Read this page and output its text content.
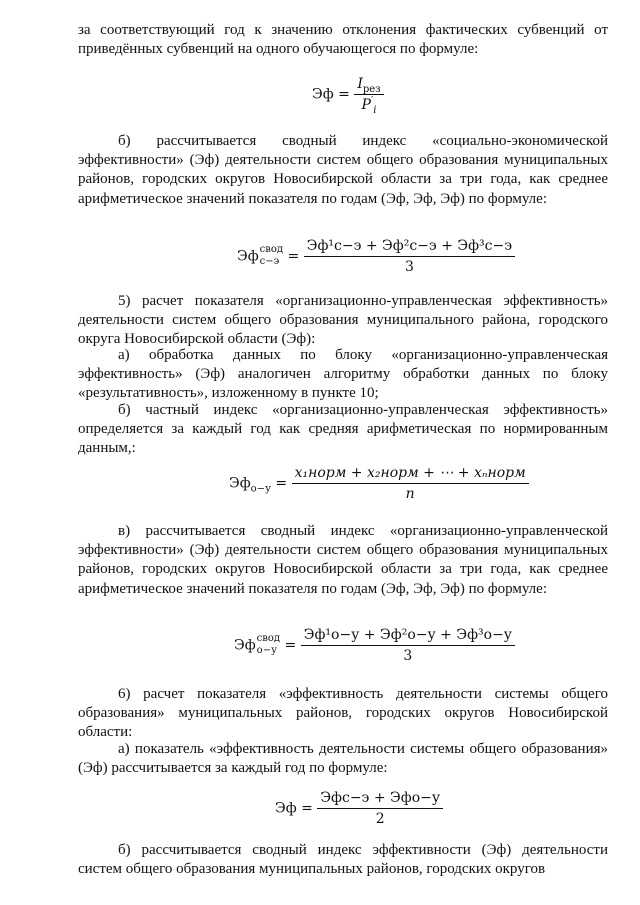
за соответствующий год к значению отклонения фактических субвенций от приведённых субвенций на одного обучающегося по формуле:

Эф = $\frac{I_{рез}}{P'_i}$

б) рассчитывается сводный индекс «социально-экономической эффективности» (Эф) деятельности систем общего образования муниципальных районов, городских округов Новосибирской области за три года, как среднее арифметическое значений показателя по годам (Эф, Эф, Эф) по формуле:

Эф свод
$с-э = \frac{\text{Эф¹с−э + Эф²с−э + Эф³с−э}}{3}$

5) расчет показателя «организационно-управленческая эффективность» деятельности систем общего образования муниципального района, городского округа Новосибирской области (Эф):

а) обработка данных по блоку «организационно-управленческая эффективность» (Эф) аналогичен алгоритму обработки данных по блоку «результативность», изложенному в пункте 10;

б) частный индекс «организационно-управленческая эффективность» определяется за каждый год как средняя арифметическая по нормированным данным,:

$Эф_{о-у} = \frac{\text{x₁норм + x₂норм + ⋯ + xₙнорм}}{n}$

в) рассчитывается сводный индекс «организационно-управленческой эффективности» (Эф) деятельности систем общего образования муниципальных районов, городских округов Новосибирской области за три года, как среднее арифметическое значений показателя по годам (Эф, Эф, Эф) по формуле:

Эф свод
$о-у = \frac{\text{Эф¹о−у + Эф²о−у + Эф³о−у}}{3}$

6) расчет показателя «эффективность деятельности системы общего образования» муниципальных районов, городских округов Новосибирской области:

а) показатель «эффективность деятельности системы общего образования» (Эф) рассчитывается за каждый год по формуле:

Эф = $\frac{\text{Эфс−э + Эфо−у}}{2}$

б) рассчитывается сводный индекс эффективности (Эф) деятельности систем общего образования муниципальных районов, городских округов
